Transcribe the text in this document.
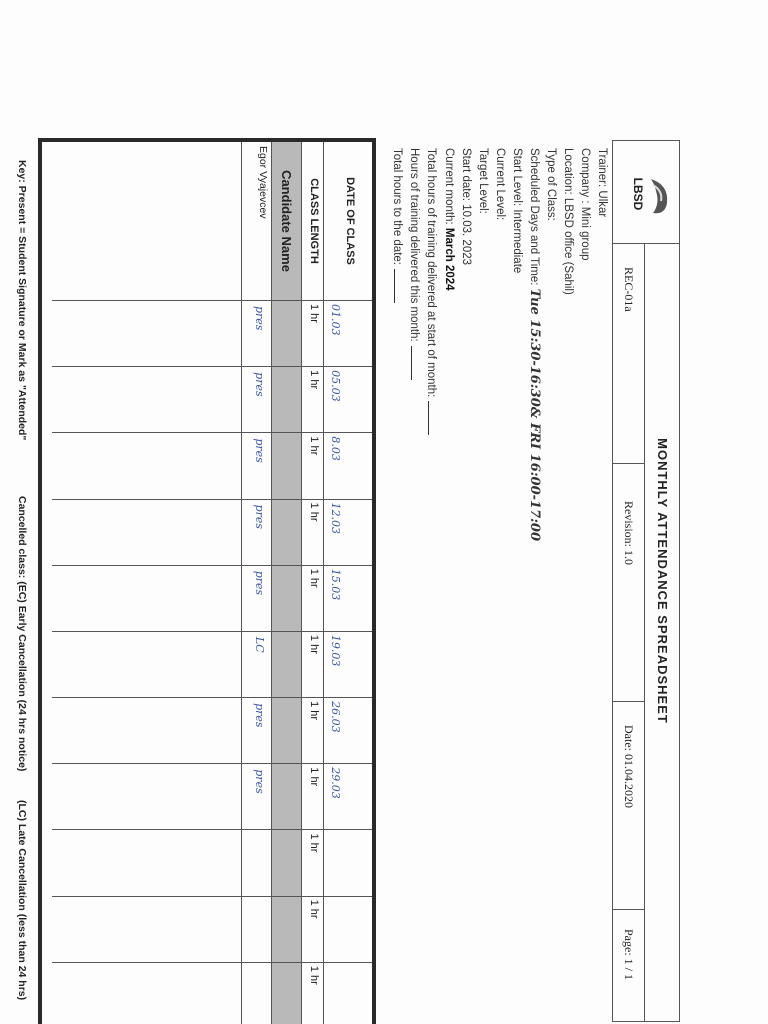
LBSD
MONTHLY ATTENDANCE SPREADSHEET
REC-01a
Revision: 1.0
Date: 01.04.2020
Page: 1 / 1
Trainer: Ulkar
Company : Mini group
Location: LBSD office (Sahil)
Type of Class:
Scheduled Days and Time: Tue 15:30-16:30& FRI 16:00-17:00
Start Level: Intermediate
Current Level:
Target Level:
Start date: 10.03. 2023
Current month: March 2024
DATE OF CLASS
CLASS LENGTH
Candidate Name
Egor Vyajevcev
01.03
1 hr
pres
05.03
1 hr
pres
8.03
1 hr
pres
12.03
1 hr
pres
15.03
1 hr
pres
19.03
1 hr
LC
26.03
1 hr
pres
29.03
1 hr
pres
1 hr
1 hr
1 hr
Key: Present = Student Signature or Mark as "Attended"
Cancelled class: (EC) Early Cancellation (24 hrs notice)
(LC) Late Cancellation (less than 24 hrs)
Total hours of training delivered at start of month:
Hours of training delivered this month:
Total hours to the date:
